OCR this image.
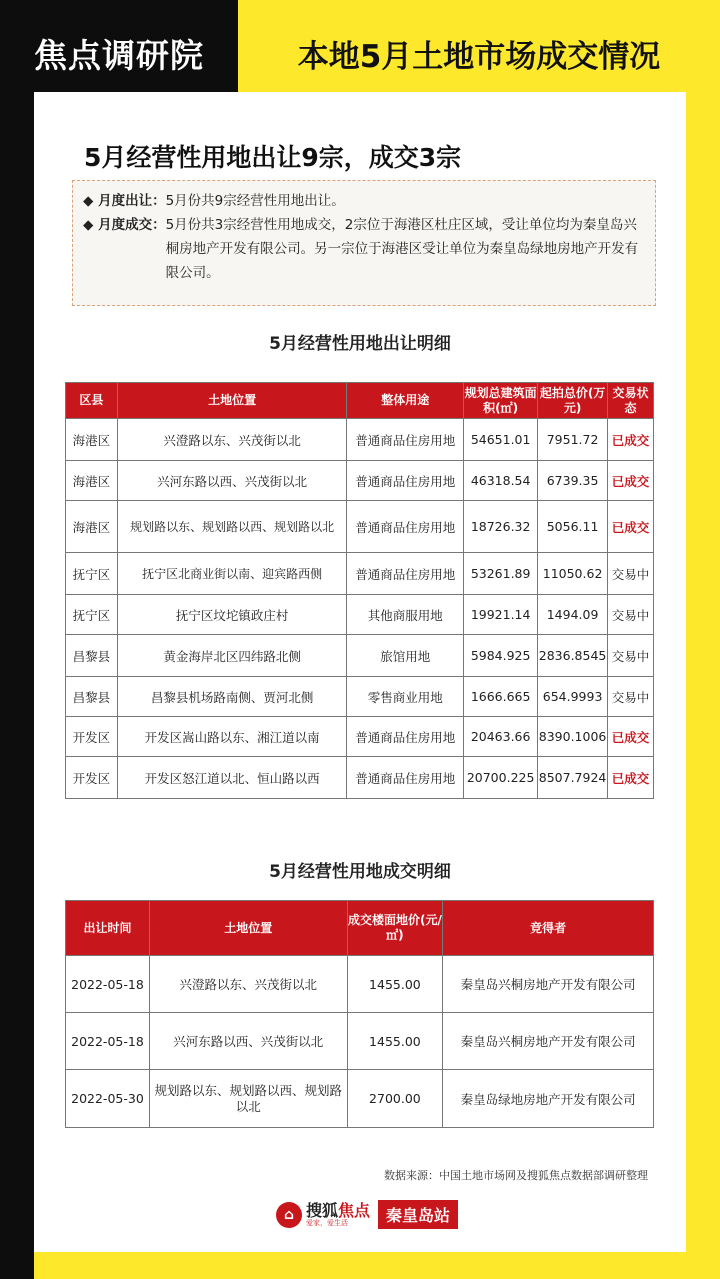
焦点调研院	本地5月土地市场成交情况
5月经营性用地出让9宗，成交3宗
◆ 月度出让： 5月份共9宗经营性用地出让。
◆ 月度成交： 5月份共3宗经营性用地成交，2宗位于海港区杜庄区域，受让单位均为秦皇岛兴桐房地产开发有限公司。另一宗位于海港区受让单位为秦皇岛绿地房地产开发有限公司。
5月经营性用地出让明细
区县	土地位置	整体用途	规划总建筑面积(㎡)	起拍总价(万元)	交易状态
海港区	兴澄路以东、兴茂街以北	普通商品住房用地	54651.01	7951.72	已成交
海港区	兴河东路以西、兴茂街以北	普通商品住房用地	46318.54	6739.35	已成交
海港区	规划路以东、规划路以西、规划路以北	普通商品住房用地	18726.32	5056.11	已成交
抚宁区	抚宁区北商业街以南、迎宾路西侧	普通商品住房用地	53261.89	11050.62	交易中
抚宁区	抚宁区坟坨镇政庄村	其他商服用地	19921.14	1494.09	交易中
昌黎县	黄金海岸北区四纬路北侧	旅馆用地	5984.925	2836.8545	交易中
昌黎县	昌黎县机场路南侧、贾河北侧	零售商业用地	1666.665	654.9993	交易中
开发区	开发区嵩山路以东、湘江道以南	普通商品住房用地	20463.66	8390.1006	已成交
开发区	开发区怒江道以北、恒山路以西	普通商品住房用地	20700.225	8507.7924	已成交
5月经营性用地成交明细
出让时间	土地位置	成交楼面地价(元/㎡)	竞得者
2022-05-18	兴澄路以东、兴茂街以北	1455.00	秦皇岛兴桐房地产开发有限公司
2022-05-18	兴河东路以西、兴茂街以北	1455.00	秦皇岛兴桐房地产开发有限公司
2022-05-30	规划路以东、规划路以西、规划路以北	2700.00	秦皇岛绿地房地产开发有限公司
数据来源：中国土地市场网及搜狐焦点数据部调研整理
⌂ 搜狐焦点
爱家，爱生活	秦皇岛站
